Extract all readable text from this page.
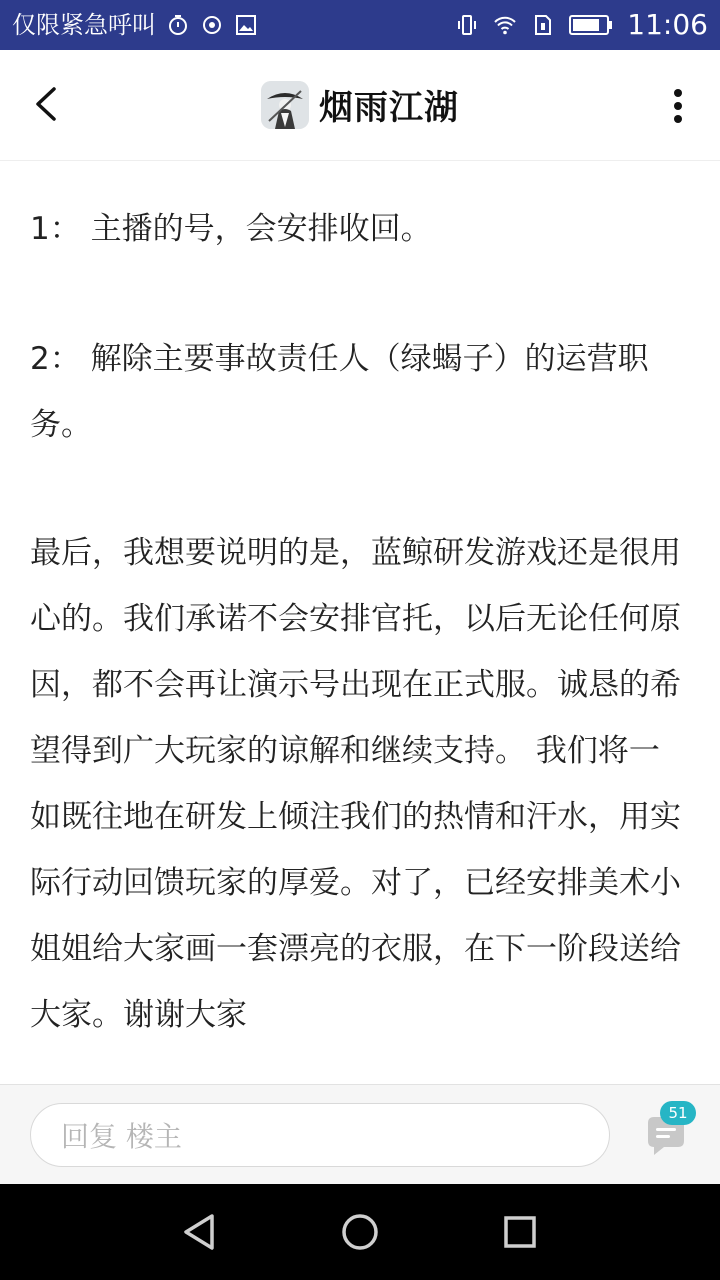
仅限紧急呼叫	11:06
烟雨江湖

1： 主播的号，会安排收回。

2： 解除主要事故责任人（绿蝎子）的运营职务。

最后，我想要说明的是，蓝鲸研发游戏还是很用心的。我们承诺不会安排官托，以后无论任何原因，都不会再让演示号出现在正式服。诚恳的希望得到广大玩家的谅解和继续支持。 我们将一如既往地在研发上倾注我们的热情和汗水，用实际行动回馈玩家的厚爱。对了，已经安排美术小姐姐给大家画一套漂亮的衣服，在下一阶段送给大家。谢谢大家

回复 楼主
51
